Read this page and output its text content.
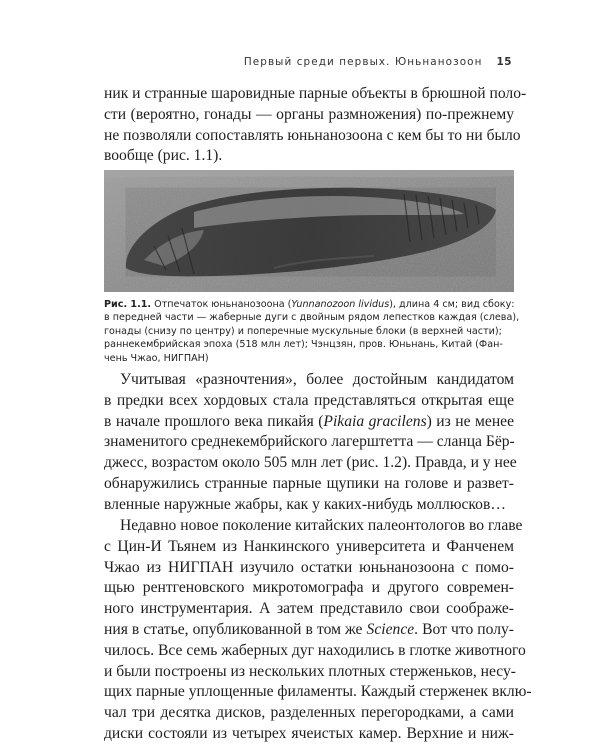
Первый среди первых. Юньнанозоон 15

ник и странные шаровидные парные объекты в брюшной поло-
сти (вероятно, гонады — органы размножения) по-прежнему
не позволяли сопоставлять юньнанозоона с кем бы то ни было
вообще (рис. 1.1).

Рис. 1.1. Отпечаток юньнанозоона (Yunnanozoon lividus), длина 4 см; вид сбоку:
в передней части — жаберные дуги с двойным рядом лепестков каждая (слева),
гонады (снизу по центру) и поперечные мускульные блоки (в верхней части);
раннекембрийская эпоха (518 млн лет); Чэнцзян, пров. Юньнань, Китай (Фан-
чень Чжао, НИГПАН)

Учитывая «разночтения», более достойным кандидатом
в предки всех хордовых стала представляться открытая еще
в начале прошлого века пикайя (Pikaia gracilens) из не менее
знаменитого среднекембрийского лагерштетта — сланца Бёр-
джесс, возрастом около 505 млн лет (рис. 1.2). Правда, и у нее
обнаружились странные парные щупики на голове и развет-
вленные наружные жабры, как у каких-нибудь моллюсков…

Недавно новое поколение китайских палеонтологов во главе
с Цин-И Тьянем из Нанкинского университета и Фанченем
Чжао из НИГПАН изучило остатки юньнанозоона с помо-
щью рентгеновского микротомографа и другого современ-
ного инструментария. А затем представило свои соображе-
ния в статье, опубликованной в том же Science. Вот что полу-
чилось. Все семь жаберных дуг находились в глотке животного
и были построены из нескольких плотных стерженьков, несу-
щих парные уплощенные филаменты. Каждый стерженек вклю-
чал три десятка дисков, разделенных перегородками, а сами
диски состояли из четырех ячеистых камер. Верхние и ниж-
